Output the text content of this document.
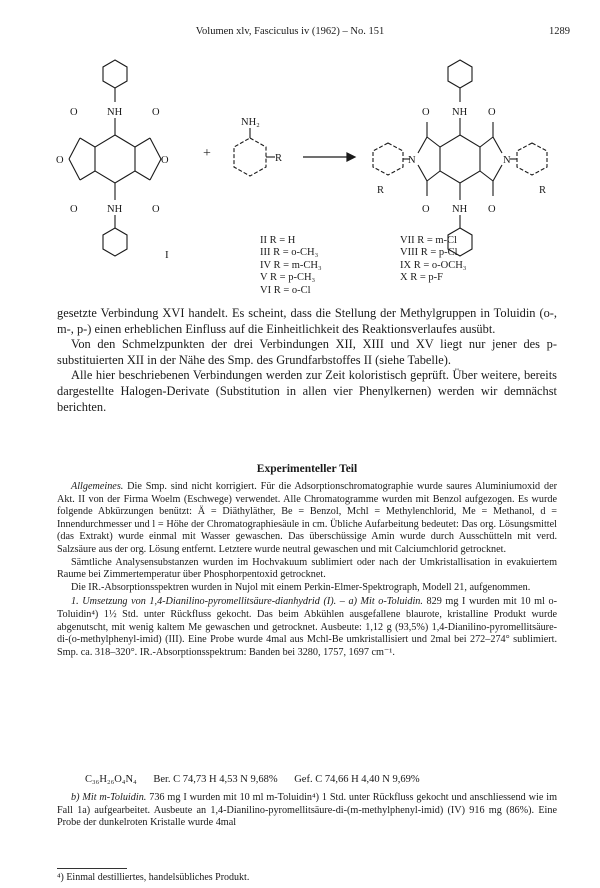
Volumen xlv, Fasciculus iv (1962) – No. 151	1289
NH
O	O
O	O
O	NH	O
I
+
NH₂
R
NH
O	O
N	N
R	R
O NH O
II R = H
III R = o-CH₃
IV R = m-CH₃
V R = p-CH₃
VI R = o-Cl
VII R = m-Cl
VIII R = p-Cl
IX R = o-OCH₃
X R = p-F

gesetzte Verbindung XVI handelt. Es scheint, dass die Stellung der Methylgruppen in Toluidin (o-, m-, p-) einen erheblichen Einfluss auf die Einheitlichkeit des Reaktionsverlaufes ausübt.

Von den Schmelzpunkten der drei Verbindungen XII, XIII und XV liegt nur jener des p-substituierten XII in der Nähe des Smp. des Grundfarbstoffes II (siehe Tabelle).

Alle hier beschriebenen Verbindungen werden zur Zeit koloristisch geprüft. Über weitere, bereits dargestellte Halogen-Derivate (Substitution in allen vier Phenylkernen) werden wir demnächst berichten.

Experimenteller Teil

Allgemeines. Die Smp. sind nicht korrigiert. Für die Adsorptionschromatographie wurde saures Aluminiumoxid der Akt. II von der Firma Woelm (Eschwege) verwendet. Alle Chromatogramme wurden mit Benzol aufgezogen. Es wurde folgende Abkürzungen benützt: Ä = Diäthyläther, Be = Benzol, Mchl = Methylenchlorid, Me = Methanol, d = Innendurchmesser und l = Höhe der Chromatographiesäule in cm. Übliche Aufarbeitung bedeutet: Das org. Lösungsmittel (das Extrakt) wurde einmal mit Wasser gewaschen. Das überschüssige Amin wurde durch Ausschütteln mit verd. Salzsäure aus der org. Lösung entfernt. Letztere wurde neutral gewaschen und mit Calciumchlorid getrocknet.

Sämtliche Analysensubstanzen wurden im Hochvakuum sublimiert oder nach der Umkristallisation in evakuiertem Raume bei Zimmertemperatur über Phosphorpentoxid getrocknet.

Die IR.-Absorptionsspektren wurden in Nujol mit einem Perkin-Elmer-Spektrograph, Modell 21, aufgenommen.

1. Umsetzung von 1,4-Dianilino-pyromellitsäure-dianhydrid (I). – a) Mit o-Toluidin. 829 mg I wurden mit 10 ml o-Toluidin⁴) 1½ Std. unter Rückfluss gekocht. Das beim Abkühlen ausgefallene blaurote, kristalline Produkt wurde abgenutscht, mit wenig kaltem Me gewaschen und getrocknet. Ausbeute: 1,12 g (93,5%) 1,4-Dianilino-pyromellitsäure-di-(o-methylphenyl-imid) (III). Eine Probe wurde 4mal aus Mchl-Be umkristallisiert und 2mal bei 272–274° sublimiert. Smp. ca. 318–320°. IR.-Absorptionsspektrum: Banden bei 3280, 1757, 1697 cm⁻¹.

C₃₆H₂₆O₄N₄ Ber. C 74,73 H 4,53 N 9,68% Gef. C 74,66 H 4,40 N 9,69%

b) Mit m-Toluidin. 736 mg I wurden mit 10 ml m-Toluidin⁴) 1 Std. unter Rückfluss gekocht und anschliessend wie im Fall 1a) aufgearbeitet. Ausbeute an 1,4-Dianilino-pyromellitsäure-di-(m-methylphenyl-imid) (IV) 916 mg (86%). Eine Probe der dunkelroten Kristalle wurde 4mal

⁴) Einmal destilliertes, handelsübliches Produkt.
